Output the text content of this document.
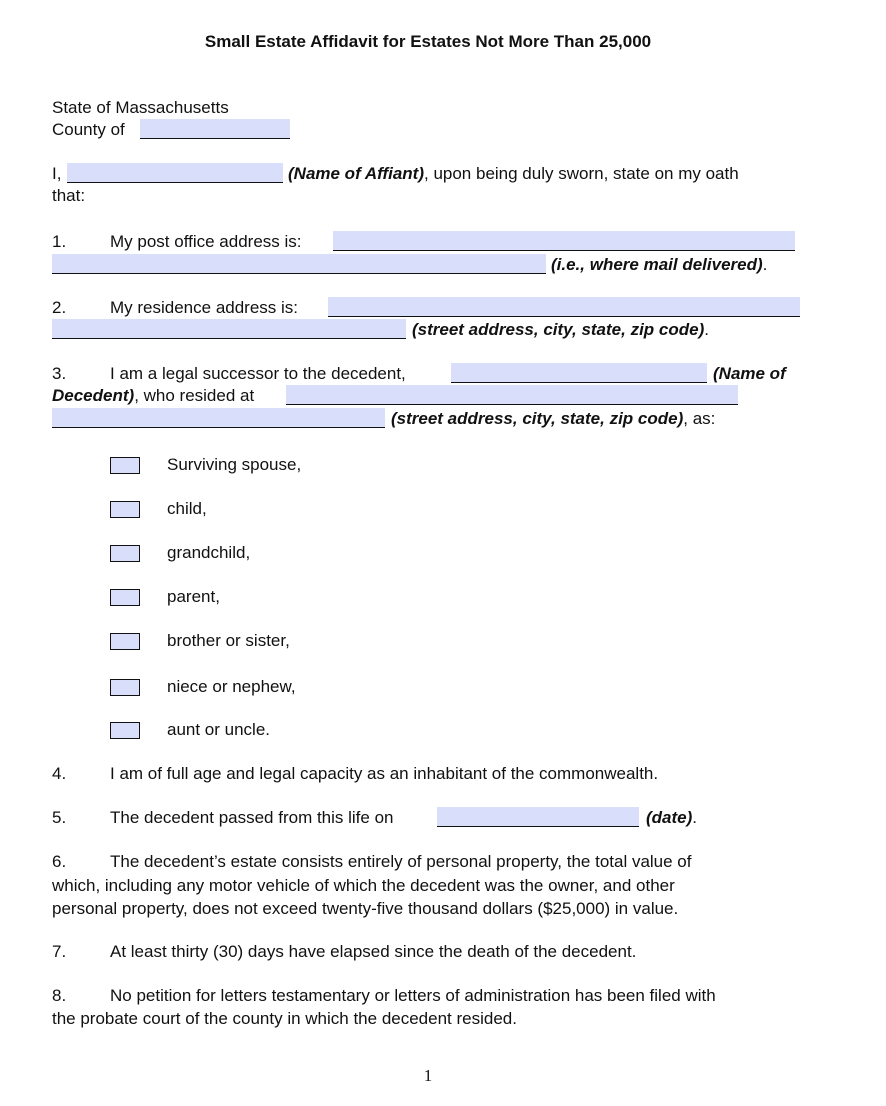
Small Estate Affidavit for Estates Not More Than 25,000
State of Massachusetts
County of
I,	(Name of Affiant), upon being duly sworn, state on my oath
that:
1.	My post office address is:
(i.e., where mail delivered).
2.	My residence address is:
(street address, city, state, zip code).
3.	I am a legal successor to the decedent,	(Name of
Decedent), who resided at
(street address, city, state, zip code), as:
Surviving spouse,
child,
grandchild,
parent,
brother or sister,
niece or nephew,
aunt or uncle.
4.	I am of full age and legal capacity as an inhabitant of the commonwealth.
5.	The decedent passed from this life on	(date).
6.	The decedent’s estate consists entirely of personal property, the total value of
which, including any motor vehicle of which the decedent was the owner, and other
personal property, does not exceed twenty-five thousand dollars ($25,000) in value.
7.	At least thirty (30) days have elapsed since the death of the decedent.
8.	No petition for letters testamentary or letters of administration has been filed with
the probate court of the county in which the decedent resided.
1
